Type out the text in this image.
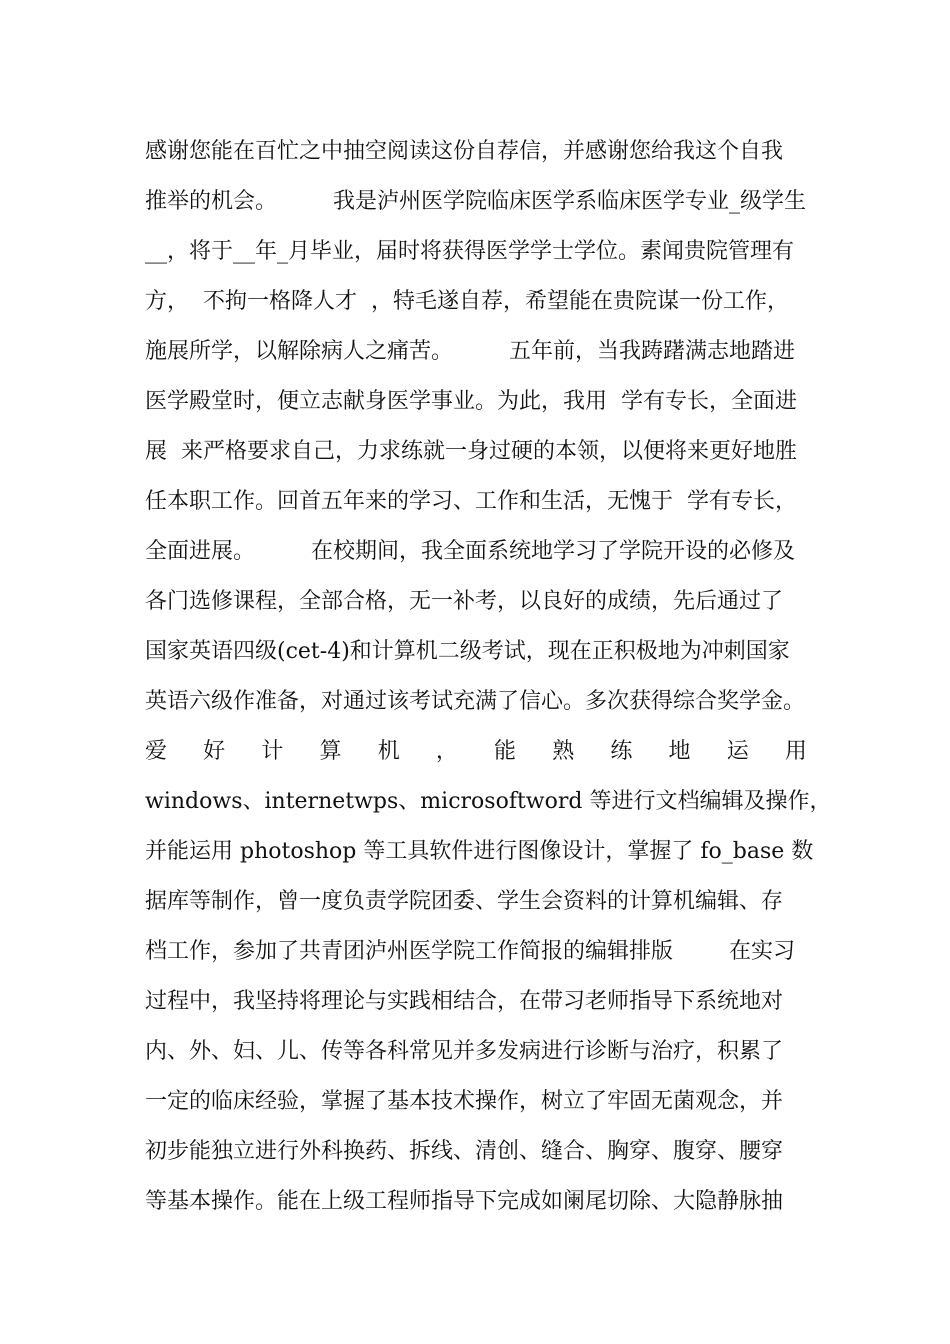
感谢您能在百忙之中抽空阅读这份自荐信，并感谢您给我这个自我
推举的机会。        我是泸州医学院临床医学系临床医学专业_级学生
__，将于__年_月毕业，届时将获得医学学士学位。素闻贵院管理有
方，  不拘一格降人才  ，特毛遂自荐，希望能在贵院谋一份工作，
施展所学，以解除病人之痛苦。        五年前，当我踌躇满志地踏进
医学殿堂时，便立志献身医学事业。为此，我用  学有专长，全面进
展  来严格要求自己，力求练就一身过硬的本领，以便将来更好地胜
任本职工作。回首五年来的学习、工作和生活，无愧于  学有专长，
全面进展。        在校期间，我全面系统地学习了学院开设的必修及
各门选修课程，全部合格，无一补考，以良好的成绩，先后通过了
国家英语四级(cet-4)和计算机二级考试，现在正积极地为冲刺国家
英语六级作准备，对通过该考试充满了信心。多次获得综合奖学金。
爱 好 计 算 机 ， 能 熟 练 地 运 用
windows、internetwps、microsoftword 等进行文档编辑及操作，
并能运用 photoshop 等工具软件进行图像设计，掌握了 fo_base 数
据库等制作，曾一度负责学院团委、学生会资料的计算机编辑、存
档工作，参加了共青团泸州医学院工作简报的编辑排版        在实习
过程中，我坚持将理论与实践相结合，在带习老师指导下系统地对
内、外、妇、儿、传等各科常见并多发病进行诊断与治疗，积累了
一定的临床经验，掌握了基本技术操作，树立了牢固无菌观念，并
初步能独立进行外科换药、拆线、清创、缝合、胸穿、腹穿、腰穿
等基本操作。能在上级工程师指导下完成如阑尾切除、大隐静脉抽
